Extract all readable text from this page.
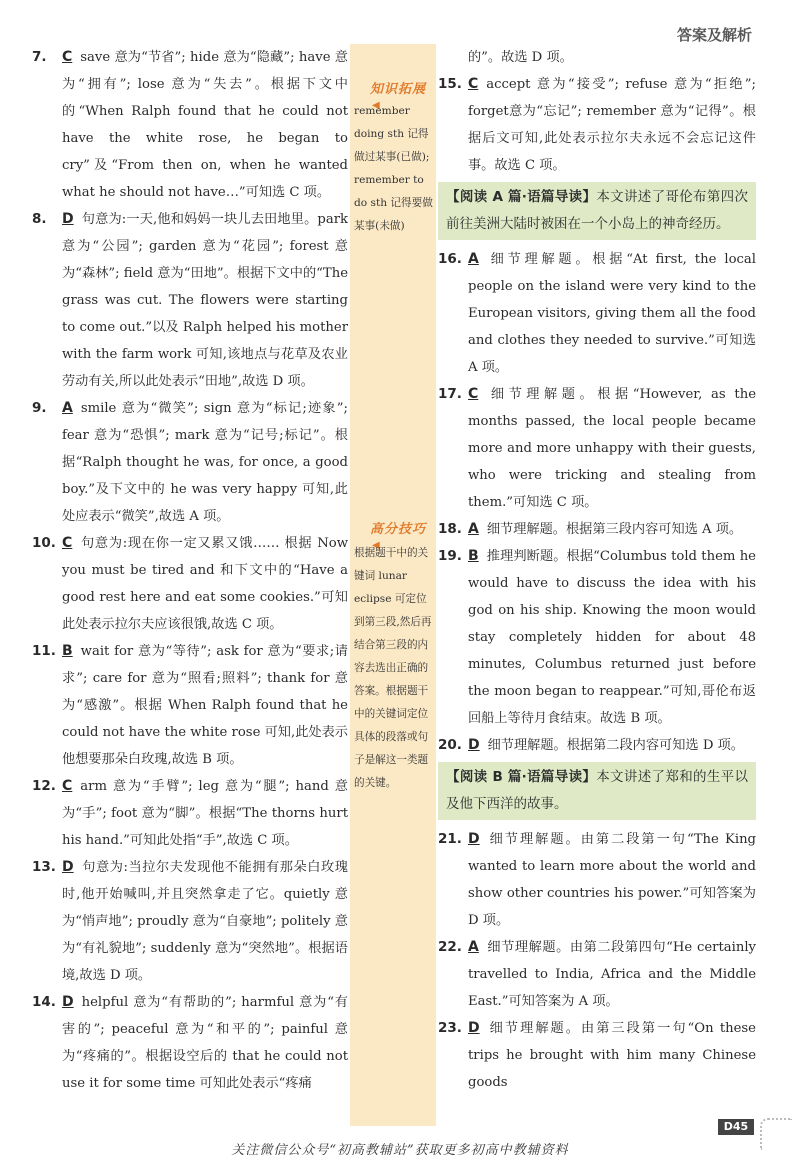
答案及解析
7. C save 意为“节省”; hide 意为“隐藏”; have 意为“拥有”; lose 意为“失去”。根据下文中的“When Ralph found that he could not have the white rose, he began to cry”及“From then on, when he wanted what he should not have…”可知选 C 项。
8. D 句意为:一天,他和妈妈一块儿去田地里。park 意为“公园”; garden 意为“花园”; forest 意为“森林”; field 意为“田地”。根据下文中的“The grass was cut. The flowers were starting to come out.”以及 Ralph helped his mother with the farm work 可知,该地点与花草及农业劳动有关,所以此处表示“田地”,故选 D 项。
9. A smile 意为“微笑”; sign 意为“标记;迹象”; fear 意为“恐惧”; mark 意为“记号;标记”。根据“Ralph thought he was, for once, a good boy.”及下文中的 he was very happy 可知,此处应表示“微笑”,故选 A 项。
10. C 句意为:现在你一定又累又饿…… 根据 Now you must be tired and 和下文中的“Have a good rest here and eat some cookies.”可知此处表示拉尔夫应该很饿,故选 C 项。
11. B wait for 意为“等待”; ask for 意为“要求;请求”; care for 意为“照看;照料”; thank for 意为“感激”。根据 When Ralph found that he could not have the white rose 可知,此处表示他想要那朵白玫瑰,故选 B 项。
12. C arm 意为“手臂”; leg 意为“腿”; hand 意为“手”; foot 意为“脚”。根据“The thorns hurt his hand.”可知此处指“手”,故选 C 项。
13. D 句意为:当拉尔夫发现他不能拥有那朵白玫瑰时,他开始喊叫,并且突然拿走了它。quietly 意为“悄声地”; proudly 意为“自豪地”; politely 意为“有礼貌地”; suddenly 意为“突然地”。根据语境,故选 D 项。
14. D helpful 意为“有帮助的”; harmful 意为“有害的”; peaceful 意为“和平的”; painful 意为“疼痛的”。根据设空后的 that he could not use it for some time 可知此处表示“疼痛
知识拓展 ◀
remember doing sth 记得做过某事(已做); remember to do sth 记得要做某事(未做)
高分技巧 ◀
根据题干中的关键词 lunar eclipse 可定位到第三段,然后再结合第三段的内容去选出正确的答案。根据题干中的关键词定位具体的段落或句子是解这一类题的关键。
的”。故选 D 项。
15. C accept 意为“接受”; refuse 意为“拒绝”; forget意为“忘记”; remember 意为“记得”。根据后文可知,此处表示拉尔夫永远不会忘记这件事。故选 C 项。
【阅读 A 篇·语篇导读】本文讲述了哥伦布第四次前往美洲大陆时被困在一个小岛上的神奇经历。
16. A 细节理解题。根据“At first, the local people on the island were very kind to the European visitors, giving them all the food and clothes they needed to survive.”可知选 A 项。
17. C 细节理解题。根据“However, as the months passed, the local people became more and more unhappy with their guests, who were tricking and stealing from them.”可知选 C 项。
18. A 细节理解题。根据第三段内容可知选 A 项。
19. B 推理判断题。根据“Columbus told them he would have to discuss the idea with his god on his ship. Knowing the moon would stay completely hidden for about 48 minutes, Columbus returned just before the moon began to reappear.”可知,哥伦布返回船上等待月食结束。故选 B 项。
20. D 细节理解题。根据第二段内容可知选 D 项。
【阅读 B 篇·语篇导读】本文讲述了郑和的生平以及他下西洋的故事。
21. D 细节理解题。由第二段第一句“The King wanted to learn more about the world and show other countries his power.”可知答案为 D 项。
22. A 细节理解题。由第二段第四句“He certainly travelled to India, Africa and the Middle East.”可知答案为 A 项。
23. D 细节理解题。由第三段第一句“On these trips he brought with him many Chinese goods
D45
关注微信公众号“初高教辅站”获取更多初高中教辅资料
